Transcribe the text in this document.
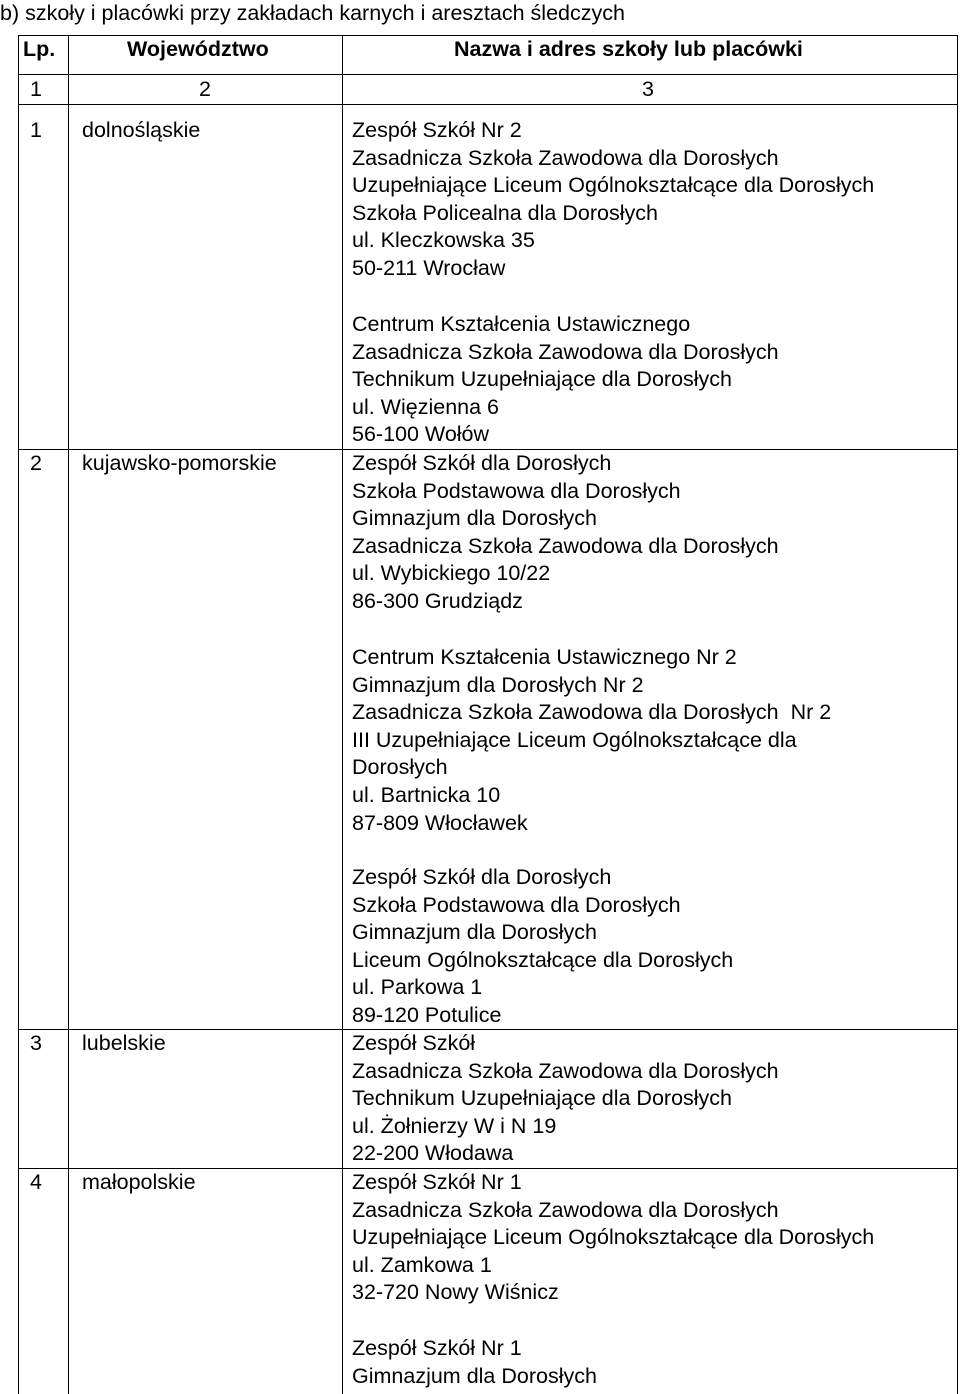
b) szkoły i placówki przy zakładach karnych i aresztach śledczych
Lp.	Województwo	Nazwa i adres szkoły lub placówki
1	2	3
1 dolnośląskie	Zespół Szkół Nr 2
Zasadnicza Szkoła Zawodowa dla Dorosłych
Uzupełniające Liceum Ogólnokształcące dla Dorosłych
Szkoła Policealna dla Dorosłych
ul. Kleczkowska 35
50-211 Wrocław
Centrum Kształcenia Ustawicznego
Zasadnicza Szkoła Zawodowa dla Dorosłych
Technikum Uzupełniające dla Dorosłych
ul. Więzienna 6
56-100 Wołów
2 kujawsko-pomorskie	Zespół Szkół dla Dorosłych
Szkoła Podstawowa dla Dorosłych
Gimnazjum dla Dorosłych
Zasadnicza Szkoła Zawodowa dla Dorosłych
ul. Wybickiego 10/22
86-300 Grudziądz
Centrum Kształcenia Ustawicznego Nr 2
Gimnazjum dla Dorosłych Nr 2
Zasadnicza Szkoła Zawodowa dla Dorosłych  Nr 2
III Uzupełniające Liceum Ogólnokształcące dla
Dorosłych
ul. Bartnicka 10
87-809 Włocławek
Zespół Szkół dla Dorosłych
Szkoła Podstawowa dla Dorosłych
Gimnazjum dla Dorosłych
Liceum Ogólnokształcące dla Dorosłych
ul. Parkowa 1
89-120 Potulice
3 lubelskie	Zespół Szkół
Zasadnicza Szkoła Zawodowa dla Dorosłych
Technikum Uzupełniające dla Dorosłych
ul. Żołnierzy W i N 19
22-200 Włodawa
4 małopolskie	Zespół Szkół Nr 1
Zasadnicza Szkoła Zawodowa dla Dorosłych
Uzupełniające Liceum Ogólnokształcące dla Dorosłych
ul. Zamkowa 1
32-720 Nowy Wiśnicz
Zespół Szkół Nr 1
Gimnazjum dla Dorosłych
